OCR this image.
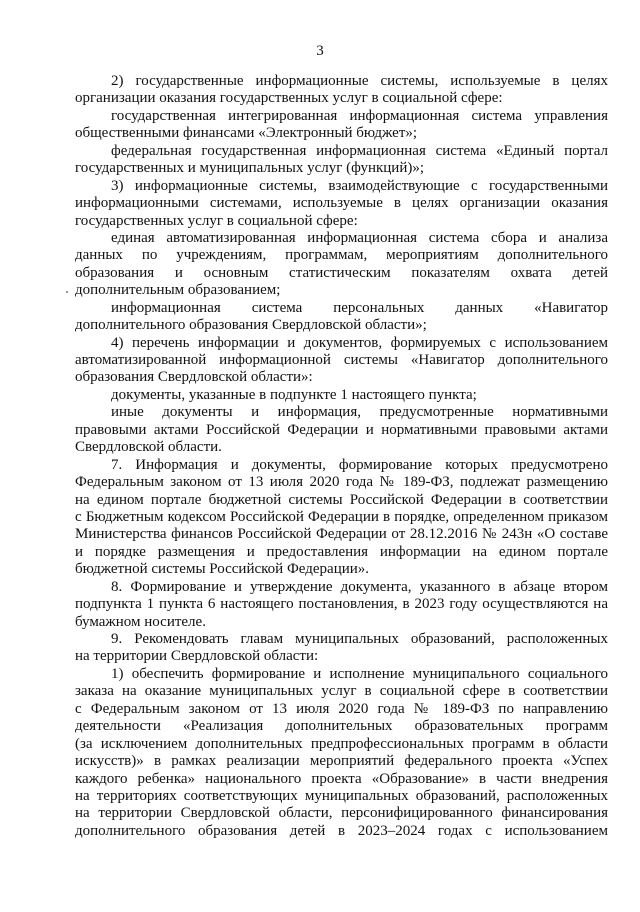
3
2) государственные информационные системы, используемые в целях
организации оказания государственных услуг в социальной сфере:
государственная интегрированная информационная система управления
общественными финансами «Электронный бюджет»;
федеральная государственная информационная система «Единый портал
государственных и муниципальных услуг (функций)»;
3) информационные системы, взаимодействующие с государственными
информационными системами, используемые в целях организации оказания
государственных услуг в социальной сфере:
единая автоматизированная информационная система сбора и анализа
данных по учреждениям, программам, мероприятиям дополнительного
образования и основным статистическим показателям охвата детей
дополнительным образованием;
информационная система персональных данных «Навигатор
дополнительного образования Свердловской области»;
4) перечень информации и документов, формируемых с использованием
автоматизированной информационной системы «Навигатор дополнительного
образования Свердловской области»:
документы, указанные в подпункте 1 настоящего пункта;
иные документы и информация, предусмотренные нормативными
правовыми актами Российской Федерации и нормативными правовыми актами
Свердловской области.
7. Информация и документы, формирование которых предусмотрено
Федеральным законом от 13 июля 2020 года № 189-ФЗ, подлежат размещению
на едином портале бюджетной системы Российской Федерации в соответствии
с Бюджетным кодексом Российской Федерации в порядке, определенном приказом
Министерства финансов Российской Федерации от 28.12.2016 № 243н «О составе
и порядке размещения и предоставления информации на едином портале
бюджетной системы Российской Федерации».
8. Формирование и утверждение документа, указанного в абзаце втором
подпункта 1 пункта 6 настоящего постановления, в 2023 году осуществляются на
бумажном носителе.
9. Рекомендовать главам муниципальных образований, расположенных
на территории Свердловской области:
1) обеспечить формирование и исполнение муниципального социального
заказа на оказание муниципальных услуг в социальной сфере в соответствии
с Федеральным законом от 13 июля 2020 года № 189-ФЗ по направлению
деятельности «Реализация дополнительных образовательных программ
(за исключением дополнительных предпрофессиональных программ в области
искусств)» в рамках реализации мероприятий федерального проекта «Успех
каждого ребенка» национального проекта «Образование» в части внедрения
на территориях соответствующих муниципальных образований, расположенных
на территории Свердловской области, персонифицированного финансирования
дополнительного образования детей в 2023–2024 годах с использованием
